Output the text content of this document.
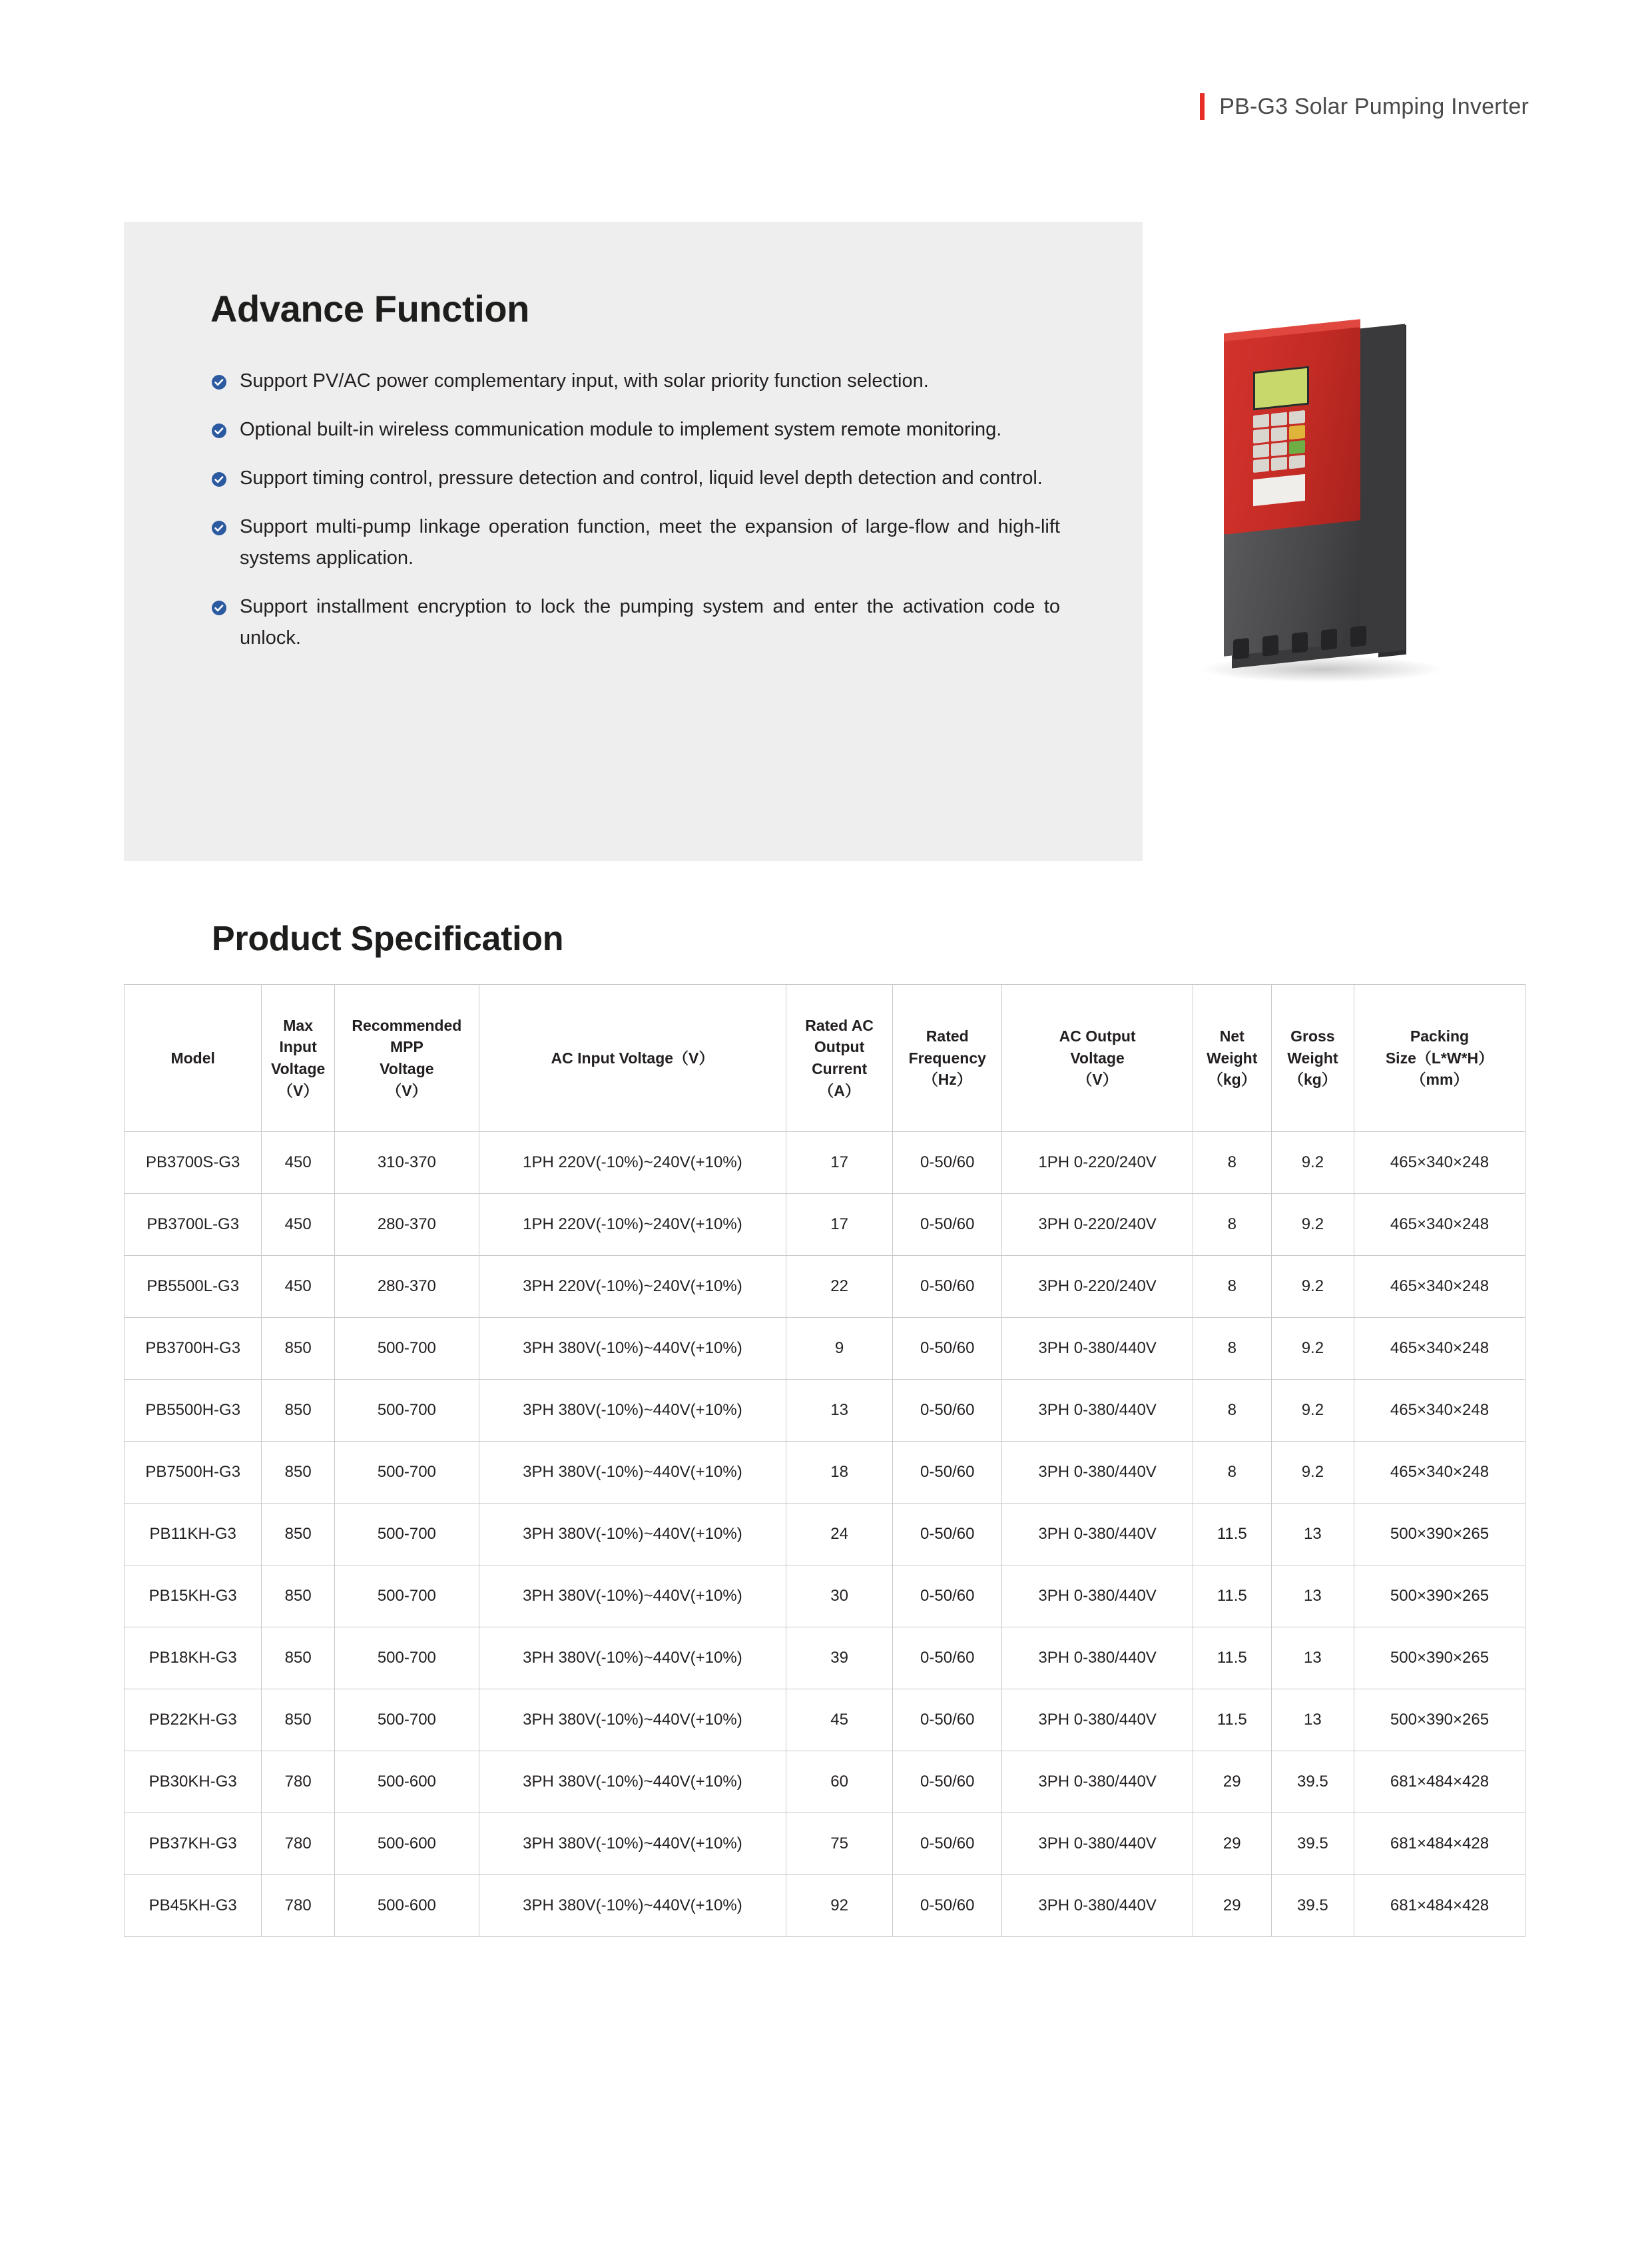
PB-G3 Solar Pumping Inverter
Advance Function
Support PV/AC power complementary input, with solar priority function selection.
Optional built-in wireless communication module to implement system remote monitoring.
Support timing control, pressure detection and control, liquid level depth detection and control.
Support multi-pump linkage operation function, meet the expansion of large-flow and high-lift systems application.
Support installment encryption to lock the pumping system and enter the activation code to unlock.
Product Specification
Model

Max
Input
Voltage
（V）

Recommended
MPP
Voltage
（V）

AC Input Voltage（V）

Rated AC
Output
Current
（A）

Rated
Frequency
（Hz）

AC Output
Voltage
（V）

Net
Weight
（kg）

Gross
Weight
（kg）

Packing
Size（L*W*H）
（mm）

PB3700S-G3	450	310-370	1PH 220V(-10%)~240V(+10%)	17	0-50/60	1PH 0-220/240V	8	9.2	465×340×248
PB3700L-G3	450	280-370	1PH 220V(-10%)~240V(+10%)	17	0-50/60	3PH 0-220/240V	8	9.2	465×340×248
PB5500L-G3	450	280-370	3PH 220V(-10%)~240V(+10%)	22	0-50/60	3PH 0-220/240V	8	9.2	465×340×248
PB3700H-G3	850	500-700	3PH 380V(-10%)~440V(+10%)	9	0-50/60	3PH 0-380/440V	8	9.2	465×340×248
PB5500H-G3	850	500-700	3PH 380V(-10%)~440V(+10%)	13	0-50/60	3PH 0-380/440V	8	9.2	465×340×248
PB7500H-G3	850	500-700	3PH 380V(-10%)~440V(+10%)	18	0-50/60	3PH 0-380/440V	8	9.2	465×340×248
PB11KH-G3	850	500-700	3PH 380V(-10%)~440V(+10%)	24	0-50/60	3PH 0-380/440V	11.5	13	500×390×265
PB15KH-G3	850	500-700	3PH 380V(-10%)~440V(+10%)	30	0-50/60	3PH 0-380/440V	11.5	13	500×390×265
PB18KH-G3	850	500-700	3PH 380V(-10%)~440V(+10%)	39	0-50/60	3PH 0-380/440V	11.5	13	500×390×265
PB22KH-G3	850	500-700	3PH 380V(-10%)~440V(+10%)	45	0-50/60	3PH 0-380/440V	11.5	13	500×390×265
PB30KH-G3	780	500-600	3PH 380V(-10%)~440V(+10%)	60	0-50/60	3PH 0-380/440V	29	39.5	681×484×428
PB37KH-G3	780	500-600	3PH 380V(-10%)~440V(+10%)	75	0-50/60	3PH 0-380/440V	29	39.5	681×484×428
PB45KH-G3	780	500-600	3PH 380V(-10%)~440V(+10%)	92	0-50/60	3PH 0-380/440V	29	39.5	681×484×428
